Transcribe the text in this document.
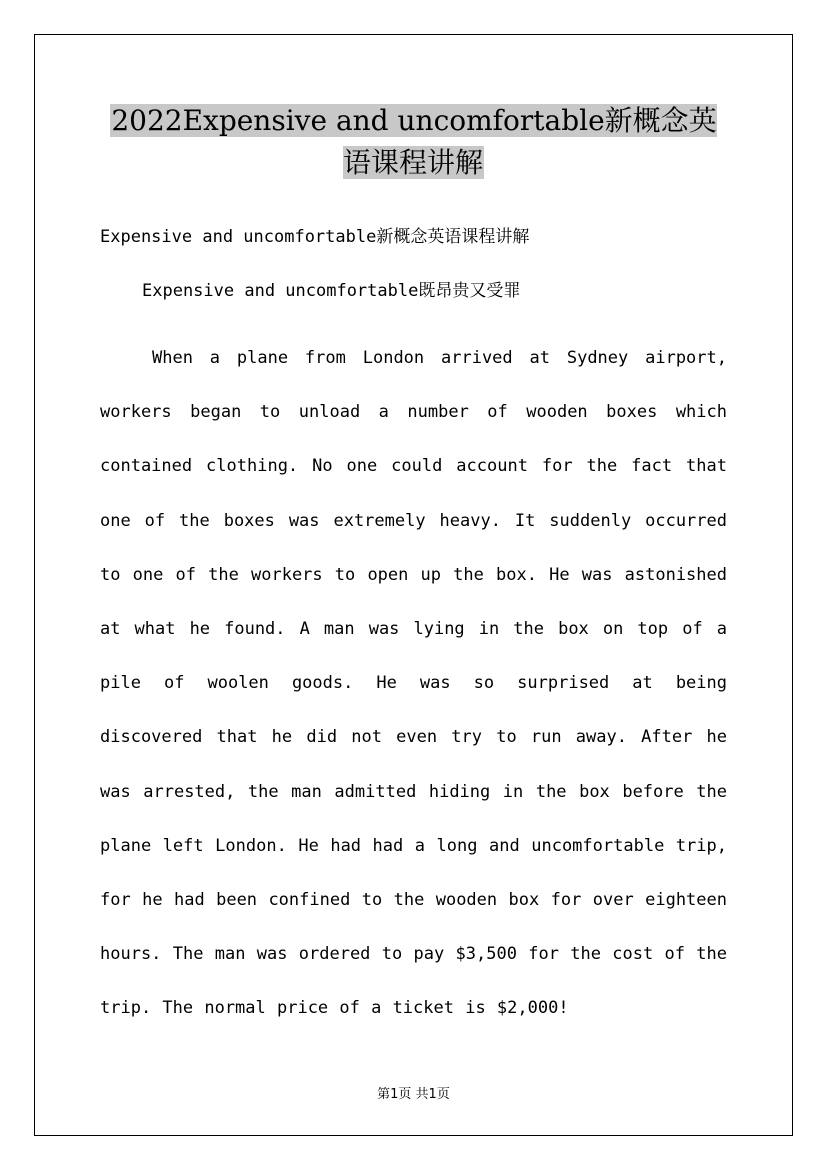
2022Expensive and uncomfortable新概念英语课程讲解
Expensive and uncomfortable新概念英语课程讲解
Expensive and uncomfortable既昂贵又受罪
When a plane from London arrived at Sydney airport, workers began to unload a number of wooden boxes which contained clothing. No one could account for the fact that one of the boxes was extremely heavy. It suddenly occurred to one of the workers to open up the box. He was astonished at what he found. A man was lying in the box on top of a pile of woolen goods. He was so surprised at being discovered that he did not even try to run away. After he was arrested, the man admitted hiding in the box before the plane left London. He had had a long and uncomfortable trip, for he had been confined to the wooden box for over eighteen hours. The man was ordered to pay $3,500 for the cost of the trip. The normal price of a ticket is $2,000!
第1页 共1页
